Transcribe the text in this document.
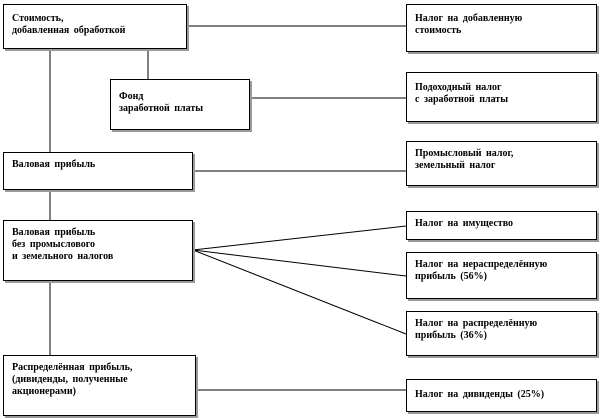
Стоимость,
добавленная обработкой
Фонд
заработной платы
Валовая прибыль
Валовая прибыль
без промыслового
и земельного налогов
Распределённая прибыль,
(дивиденды, полученные
акционерами)
Налог на добавленную
стоимость
Подоходный налог
с заработной платы
Промысловый налог,
земельный налог
Налог на имущество
Налог на нераспределённую
прибыль (56%)
Налог на распределённую
прибыль (36%)
Налог на дивиденды (25%)
